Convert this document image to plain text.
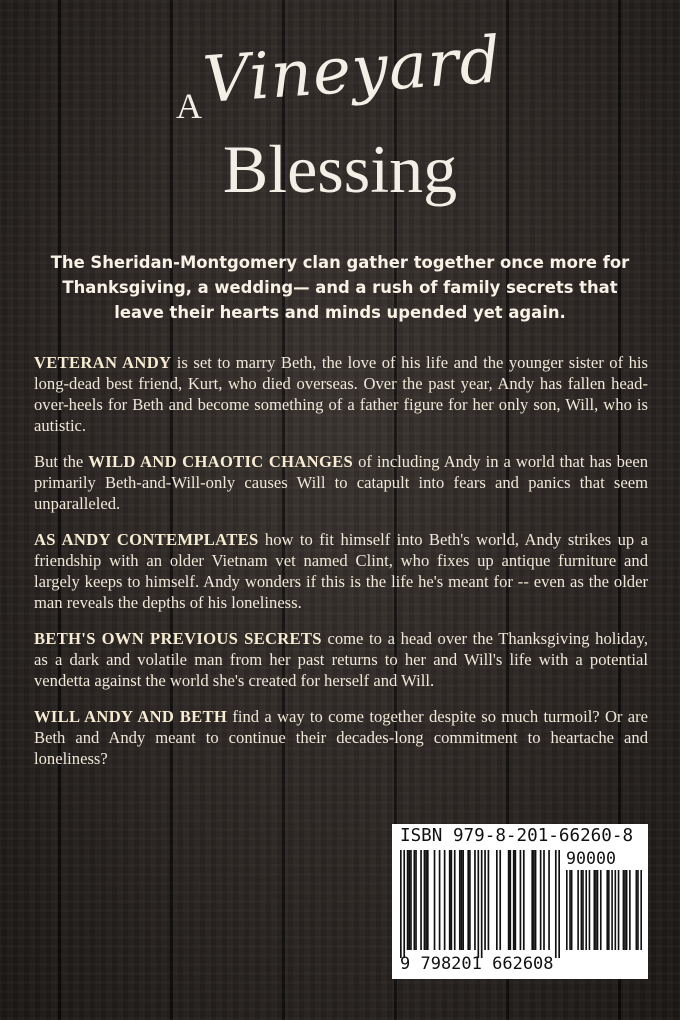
A
Vineyard
Blessing
The Sheridan-Montgomery clan gather together once more for Thanksgiving, a wedding— and a rush of family secrets that leave their hearts and minds upended yet again.

VETERAN ANDY is set to marry Beth, the love of his life and the younger sister of his long-dead best friend, Kurt, who died overseas. Over the past year, Andy has fallen head-over-heels for Beth and become something of a father figure for her only son, Will, who is autistic.

But the WILD AND CHAOTIC CHANGES of including Andy in a world that has been primarily Beth-and-Will-only causes Will to catapult into fears and panics that seem unparalleled.

AS ANDY CONTEMPLATES how to fit himself into Beth's world, Andy strikes up a friendship with an older Vietnam vet named Clint, who fixes up antique furniture and largely keeps to himself. Andy wonders if this is the life he's meant for -- even as the older man reveals the depths of his loneliness.

BETH'S OWN PREVIOUS SECRETS come to a head over the Thanksgiving holiday, as a dark and volatile man from her past returns to her and Will's life with a potential vendetta against the world she's created for herself and Will.

WILL ANDY AND BETH find a way to come together despite so much turmoil? Or are Beth and Andy meant to continue their decades-long commitment to heartache and loneliness?

ISBN 979-8-201-66260-8
90000
9 798201 662608
